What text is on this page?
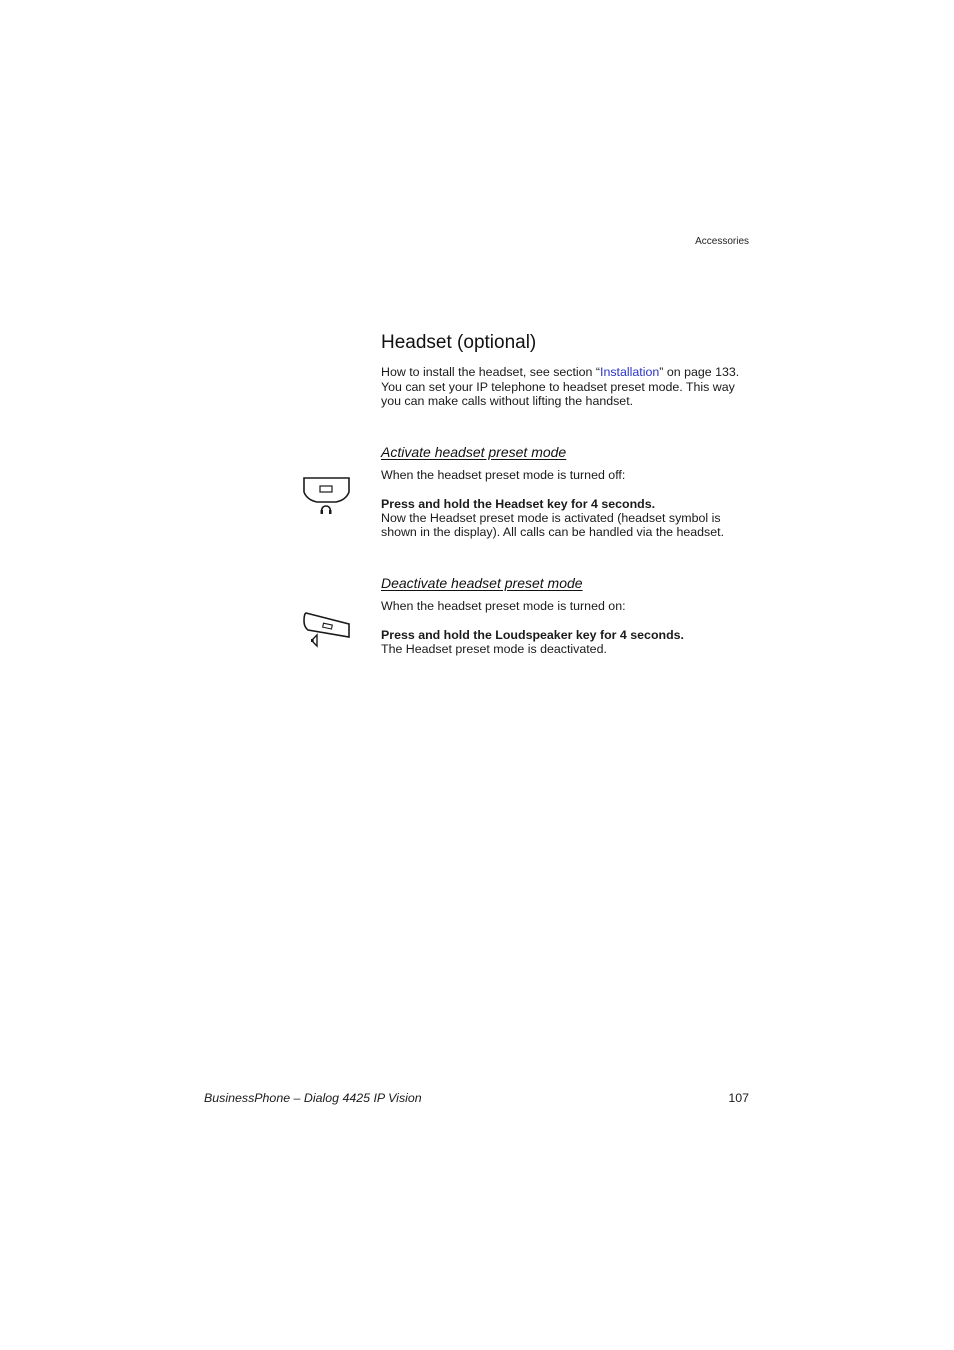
Accessories
Headset (optional)
How to install the headset, see section “Installation” on page 133.
You can set your IP telephone to headset preset mode. This way
you can make calls without lifting the handset.
Activate headset preset mode
When the headset preset mode is turned off:
Press and hold the Headset key for 4 seconds.
Now the Headset preset mode is activated (headset symbol is
shown in the display). All calls can be handled via the headset.
Deactivate headset preset mode
When the headset preset mode is turned on:
Press and hold the Loudspeaker key for 4 seconds.
The Headset preset mode is deactivated.
BusinessPhone – Dialog 4425 IP Vision	107
